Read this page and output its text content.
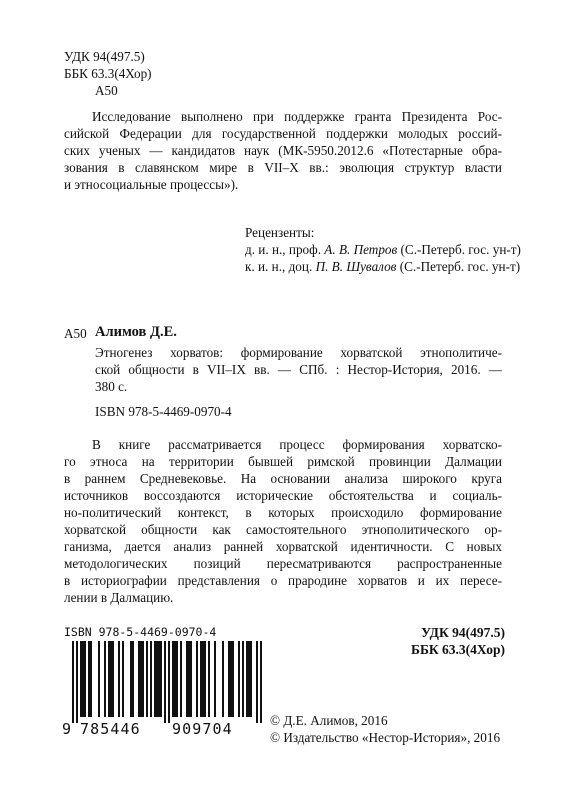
УДК 94(497.5)
ББК 63.3(4Хор)
А50
Исследование выполнено при поддержке гранта Президента Рос-
сийской Федерации для государственной поддержки молодых россий-
ских ученых — кандидатов наук (МК-5950.2012.6 «Потестарные обра-
зования в славянском мире в VII–X вв.: эволюция структур власти
и этносоциальные процессы»).
Рецензенты:
д. и. н., проф. А. В. Петров (С.-Петерб. гос. ун-т)
к. и. н., доц. П. В. Шувалов (С.-Петерб. гос. ун-т)
А50 Алимов Д.Е.
Этногенез хорватов: формирование хорватской этнополитиче-
ской общности в VII–IX вв. — СПб. : Нестор-История, 2016. —
380 с.
ISBN 978-5-4469-0970-4
В книге рассматривается процесс формирования хорватско-
го этноса на территории бывшей римской провинции Далмации
в раннем Средневековье. На основании анализа широкого круга
источников воссоздаются исторические обстоятельства и социаль-
но-политический контекст, в которых происходило формирование
хорватской общности как самостоятельного этнополитического ор-
ганизма, дается анализ ранней хорватской идентичности. С новых
методологических позиций пересматриваются распространенные
в историографии представления о прародине хорватов и их пересе-
лении в Далмацию.
ISBN 978-5-4469-0970-4
9 785446 909704
УДК 94(497.5)
ББК 63.3(4Хор)
© Д.Е. Алимов, 2016
© Издательство «Нестор-История», 2016
